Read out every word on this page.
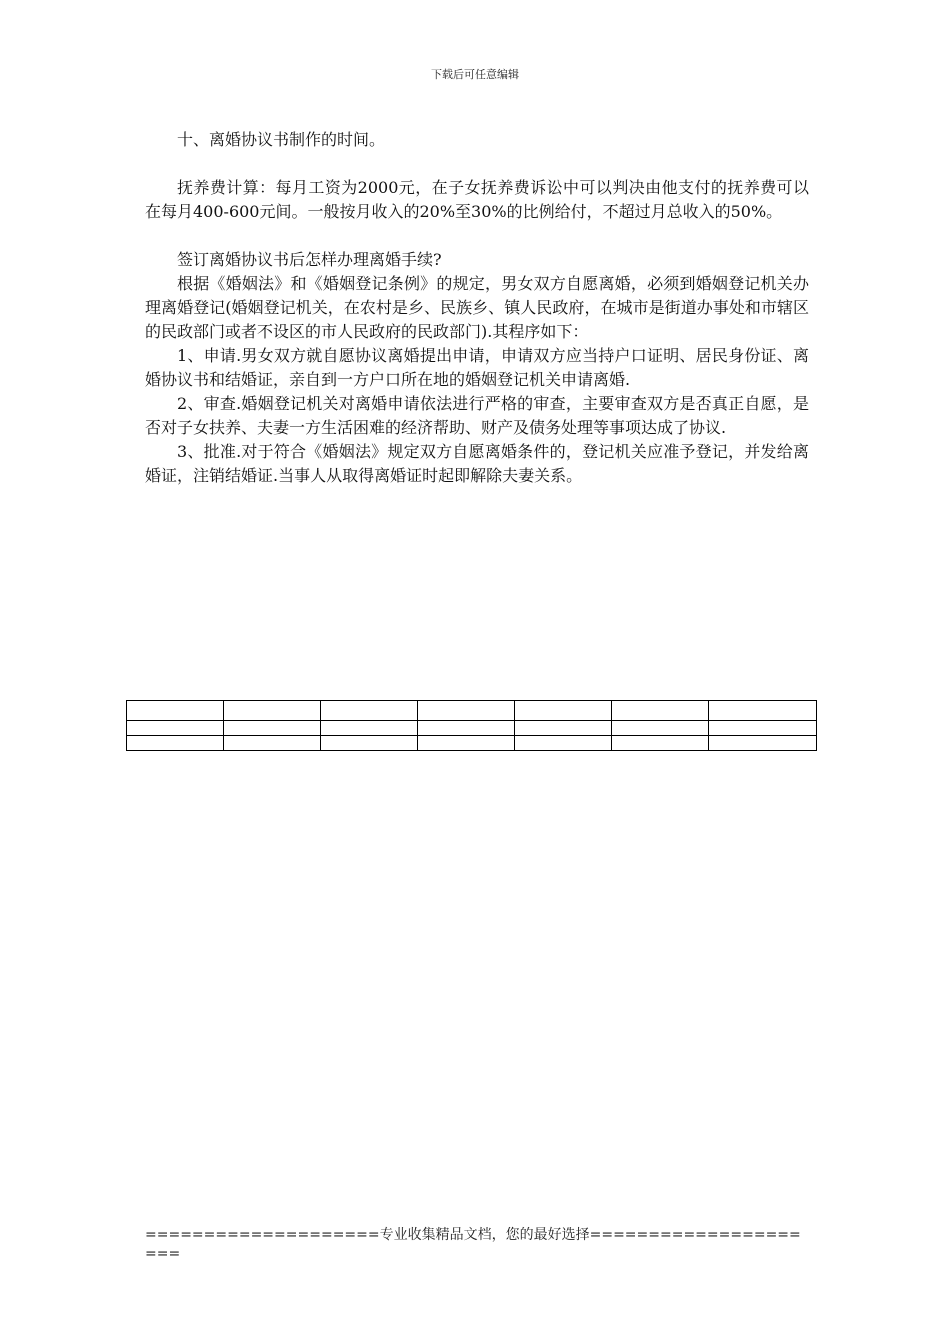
下载后可任意编辑

十、离婚协议书制作的时间。

抚养费计算：每月工资为2000元，在子女抚养费诉讼中可以判决由他支付的抚养费可以在每月400-600元间。一般按月收入的20%至30%的比例给付，不超过月总收入的50%。

签订离婚协议书后怎样办理离婚手续?

根据《婚姻法》和《婚姻登记条例》的规定，男女双方自愿离婚，必须到婚姻登记机关办理离婚登记(婚姻登记机关，在农村是乡、民族乡、镇人民政府，在城市是街道办事处和市辖区的民政部门或者不设区的市人民政府的民政部门).其程序如下：

1、申请.男女双方就自愿协议离婚提出申请，申请双方应当持户口证明、居民身份证、离婚协议书和结婚证，亲自到一方户口所在地的婚姻登记机关申请离婚.

2、审查.婚姻登记机关对离婚申请依法进行严格的审查，主要审查双方是否真正自愿，是否对子女扶养、夫妻一方生活困难的经济帮助、财产及债务处理等事项达成了协议.

3、批准.对于符合《婚姻法》规定双方自愿离婚条件的，登记机关应准予登记，并发给离婚证，注销结婚证.当事人从取得离婚证时起即解除夫妻关系。

====================专业收集精品文档，您的最好选择=====================
